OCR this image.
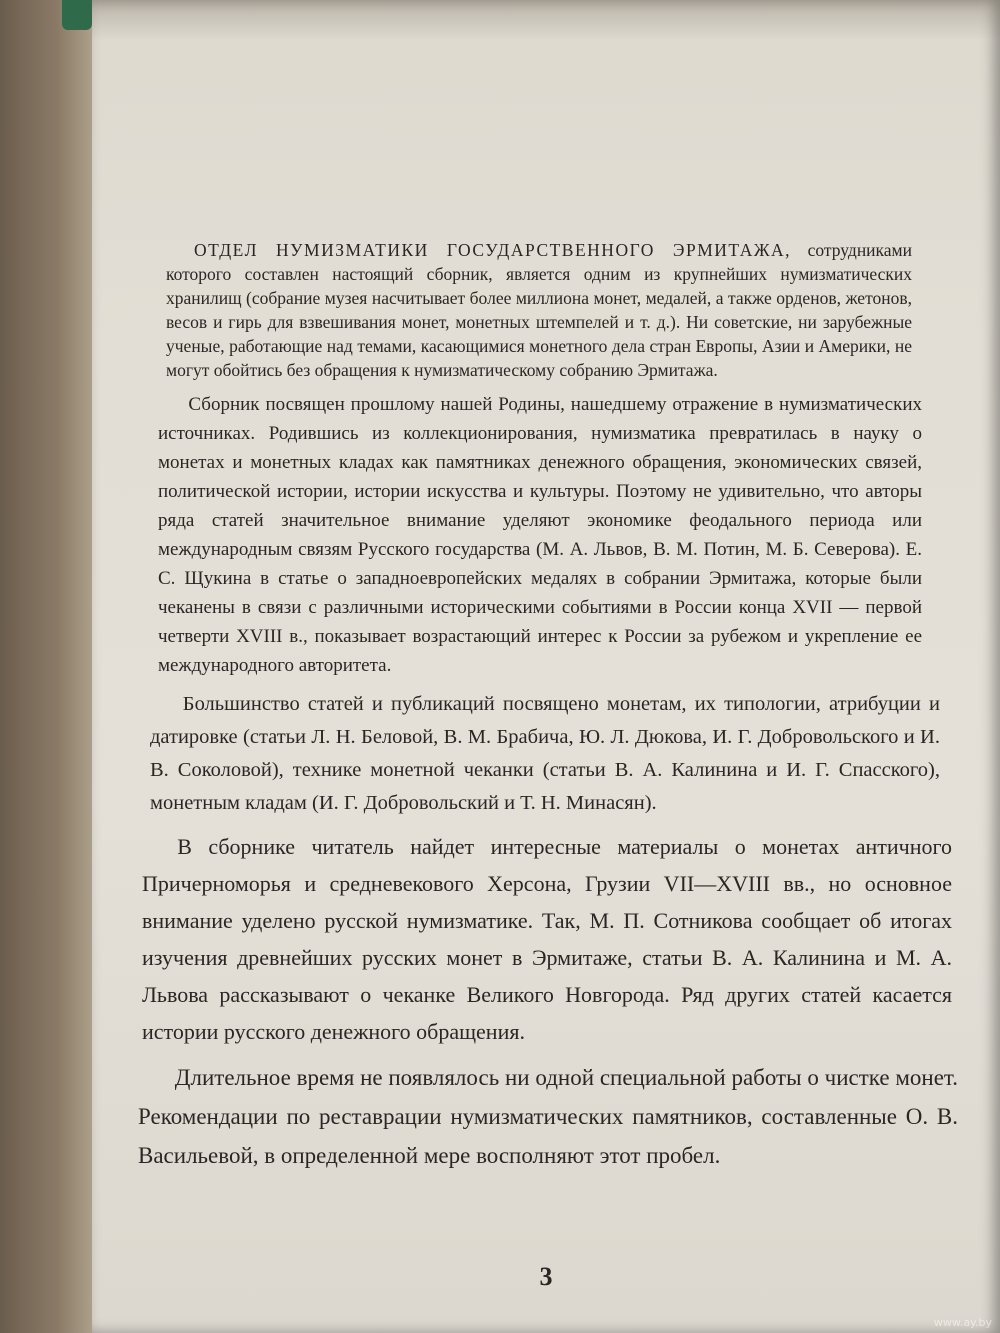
ОТДЕЛ НУМИЗМАТИКИ ГОСУДАРСТВЕННОГО ЭРМИТАЖА, сотрудниками которого составлен настоящий сборник, является одним из крупнейших нумизматических хранилищ (собрание музея насчитывает более миллиона монет, медалей, а также орденов, жетонов, весов и гирь для взвешивания монет, монетных штемпелей и т. д.). Ни советские, ни зарубежные ученые, работающие над темами, касающимися монетного дела стран Европы, Азии и Америки, не могут обойтись без обращения к нумизматическому собранию Эрмитажа.

Сборник посвящен прошлому нашей Родины, нашедшему отражение в нумизматических источниках. Родившись из коллекционирования, нумизматика превратилась в науку о монетах и монетных кладах как памятниках денежного обращения, экономических связей, политической истории, истории искусства и культуры. Поэтому не удивительно, что авторы ряда статей значительное внимание уделяют экономике феодального периода или международным связям Русского государства (М. А. Львов, В. М. Потин, М. Б. Северова). Е. С. Щукина в статье о западноевропейских медалях в собрании Эрмитажа, которые были чеканены в связи с различными историческими событиями в России конца XVII — первой четверти XVIII в., показывает возрастающий интерес к России за рубежом и укрепление ее международного авторитета.

Большинство статей и публикаций посвящено монетам, их типологии, атрибуции и датировке (статьи Л. Н. Беловой, В. М. Брабича, Ю. Л. Дюкова, И. Г. Добровольского и И. В. Соколовой), технике монетной чеканки (статьи В. А. Калинина и И. Г. Спасского), монетным кладам (И. Г. Добровольский и Т. Н. Минасян).

В сборнике читатель найдет интересные материалы о монетах античного Причерноморья и средневекового Херсона, Грузии VII—XVIII вв., но основное внимание уделено русской нумизматике. Так, М. П. Сотникова сообщает об итогах изучения древнейших русских монет в Эрмитаже, статьи В. А. Калинина и М. А. Львова рассказывают о чеканке Великого Новгорода. Ряд других статей касается истории русского денежного обращения.

Длительное время не появлялось ни одной специальной работы о чистке монет. Рекомендации по реставрации нумизматических памятников, составленные О. В. Васильевой, в определенной мере восполняют этот пробел.

3
www.ay.by
